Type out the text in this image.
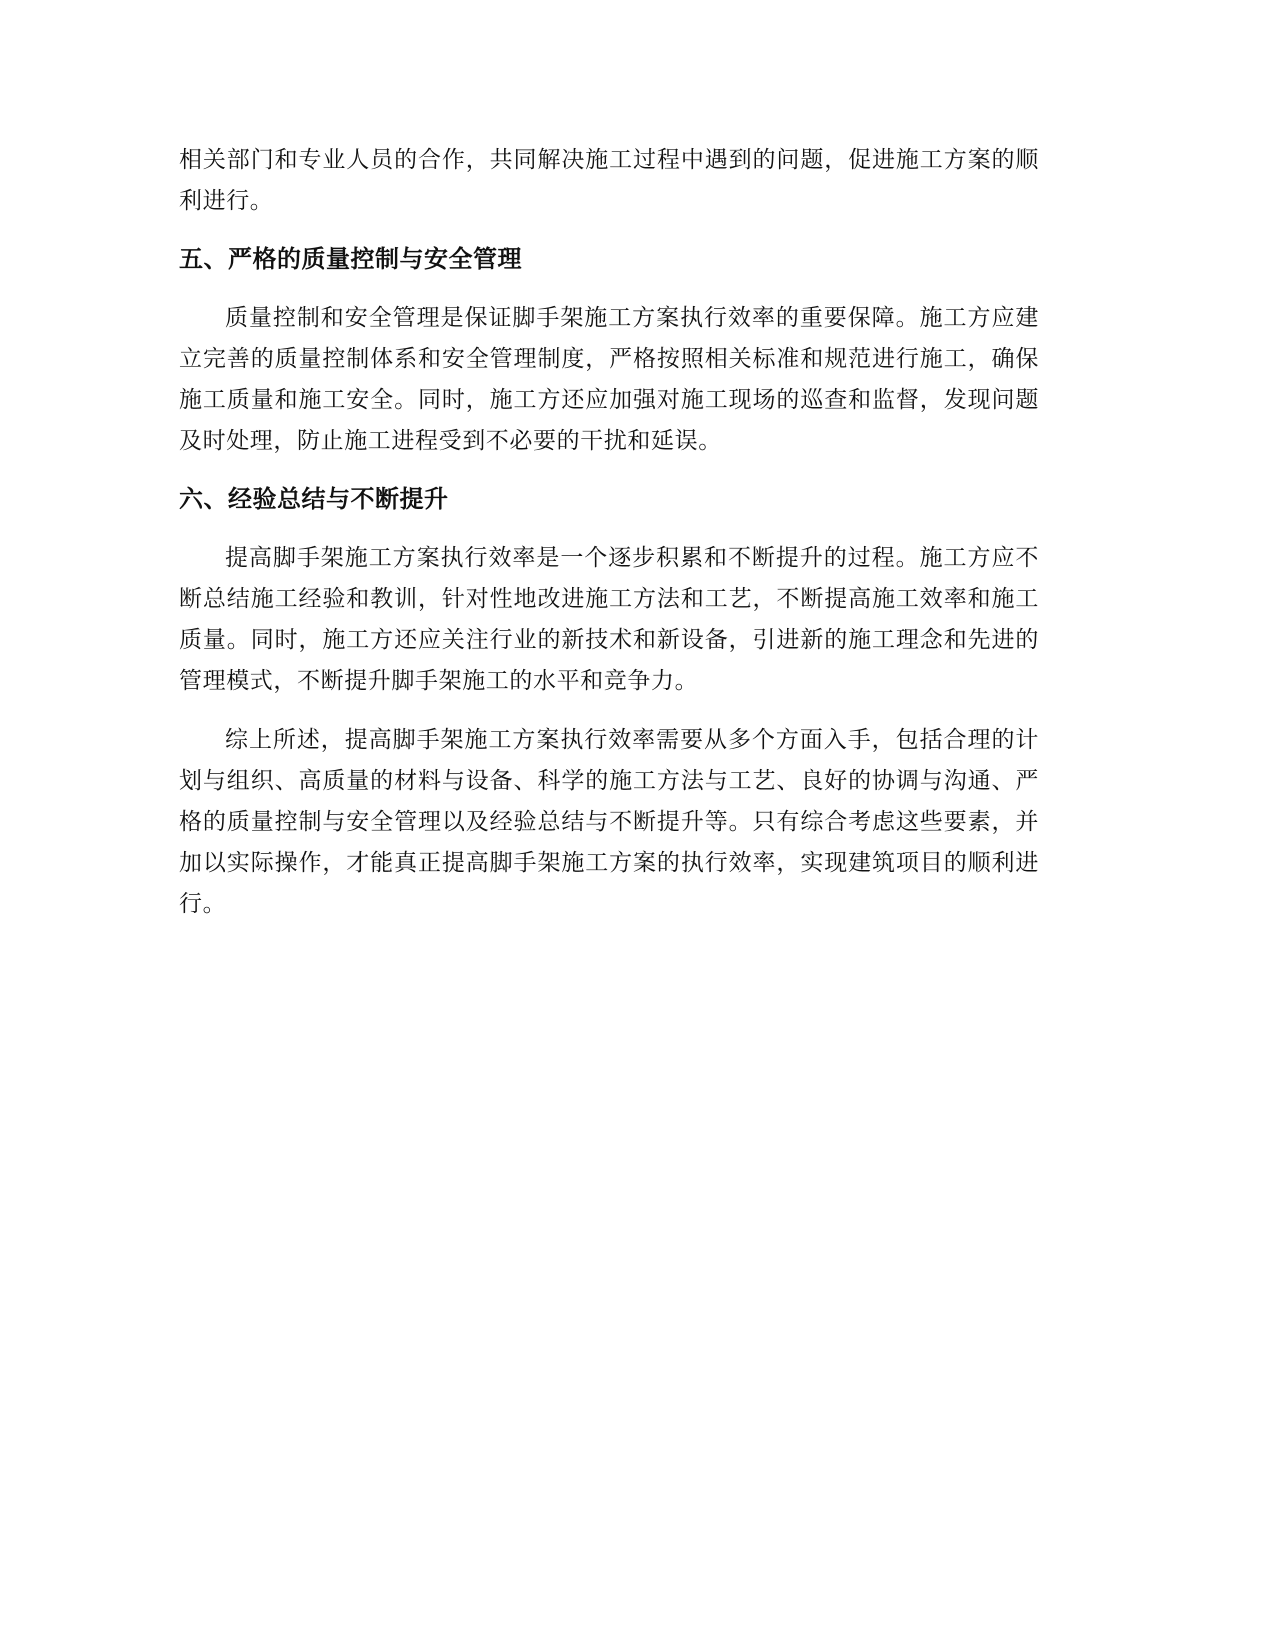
相关部门和专业人员的合作，共同解决施工过程中遇到的问题，促进施工方案的顺利进行。

五、严格的质量控制与安全管理

质量控制和安全管理是保证脚手架施工方案执行效率的重要保障。施工方应建立完善的质量控制体系和安全管理制度，严格按照相关标准和规范进行施工，确保施工质量和施工安全。同时，施工方还应加强对施工现场的巡查和监督，发现问题及时处理，防止施工进程受到不必要的干扰和延误。

六、经验总结与不断提升

提高脚手架施工方案执行效率是一个逐步积累和不断提升的过程。施工方应不断总结施工经验和教训，针对性地改进施工方法和工艺，不断提高施工效率和施工质量。同时，施工方还应关注行业的新技术和新设备，引进新的施工理念和先进的管理模式，不断提升脚手架施工的水平和竞争力。

综上所述，提高脚手架施工方案执行效率需要从多个方面入手，包括合理的计划与组织、高质量的材料与设备、科学的施工方法与工艺、良好的协调与沟通、严格的质量控制与安全管理以及经验总结与不断提升等。只有综合考虑这些要素，并加以实际操作，才能真正提高脚手架施工方案的执行效率，实现建筑项目的顺利进行。
